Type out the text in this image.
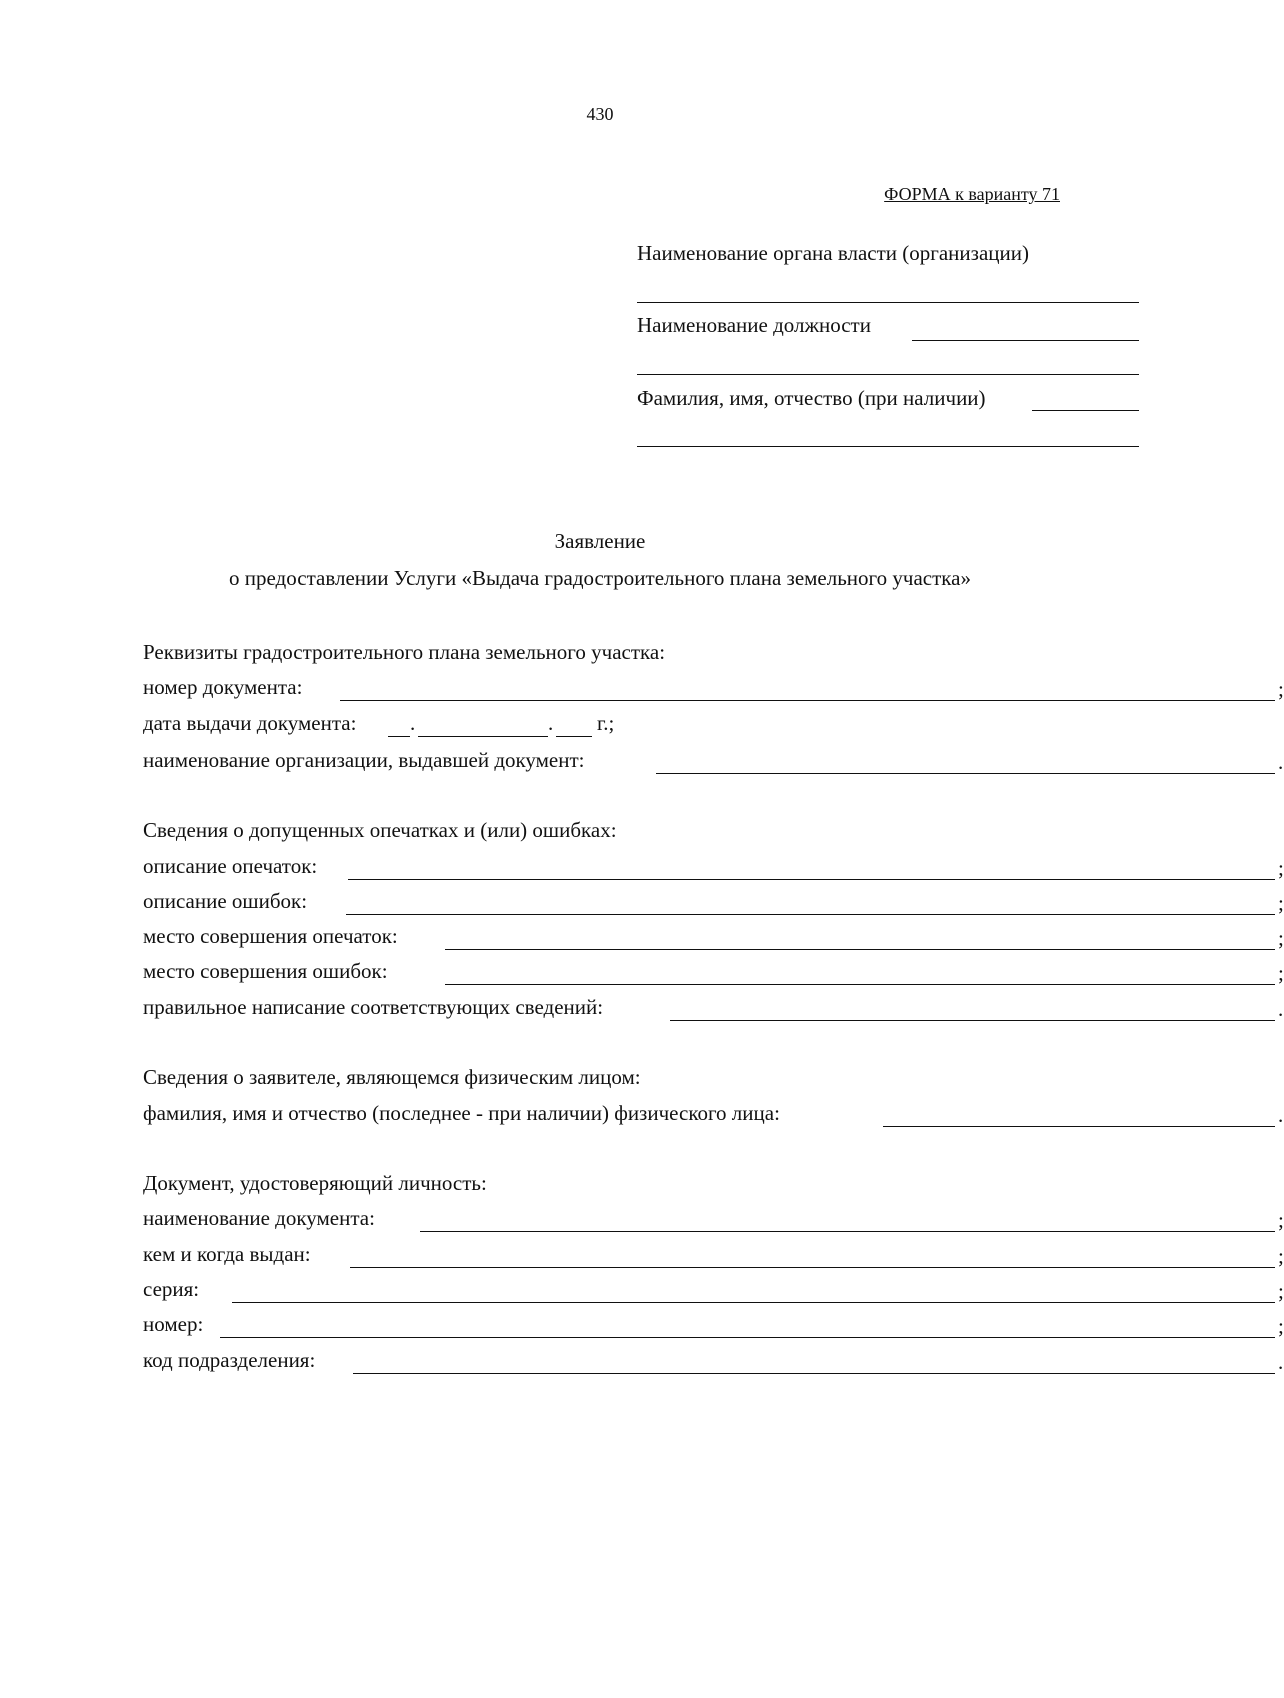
430
ФОРМА к варианту 71
Наименование органа власти (организации)
Наименование должности
Фамилия, имя, отчество (при наличии)
Заявление
о предоставлении Услуги «Выдача градостроительного плана земельного участка»
Реквизиты градостроительного плана земельного участка:
номер документа:	;
дата выдачи документа:	.	. г.;
наименование организации, выдавшей документ:	.
Сведения о допущенных опечатках и (или) ошибках:
описание опечаток:	;
описание ошибок:	;
место совершения опечаток:	;
место совершения ошибок:	;
правильное написание соответствующих сведений:	.
Сведения о заявителе, являющемся физическим лицом:
фамилия, имя и отчество (последнее - при наличии) физического лица:	.
Документ, удостоверяющий личность:
наименование документа:	;
кем и когда выдан:	;
серия:	;
номер:	;
код подразделения:	.
